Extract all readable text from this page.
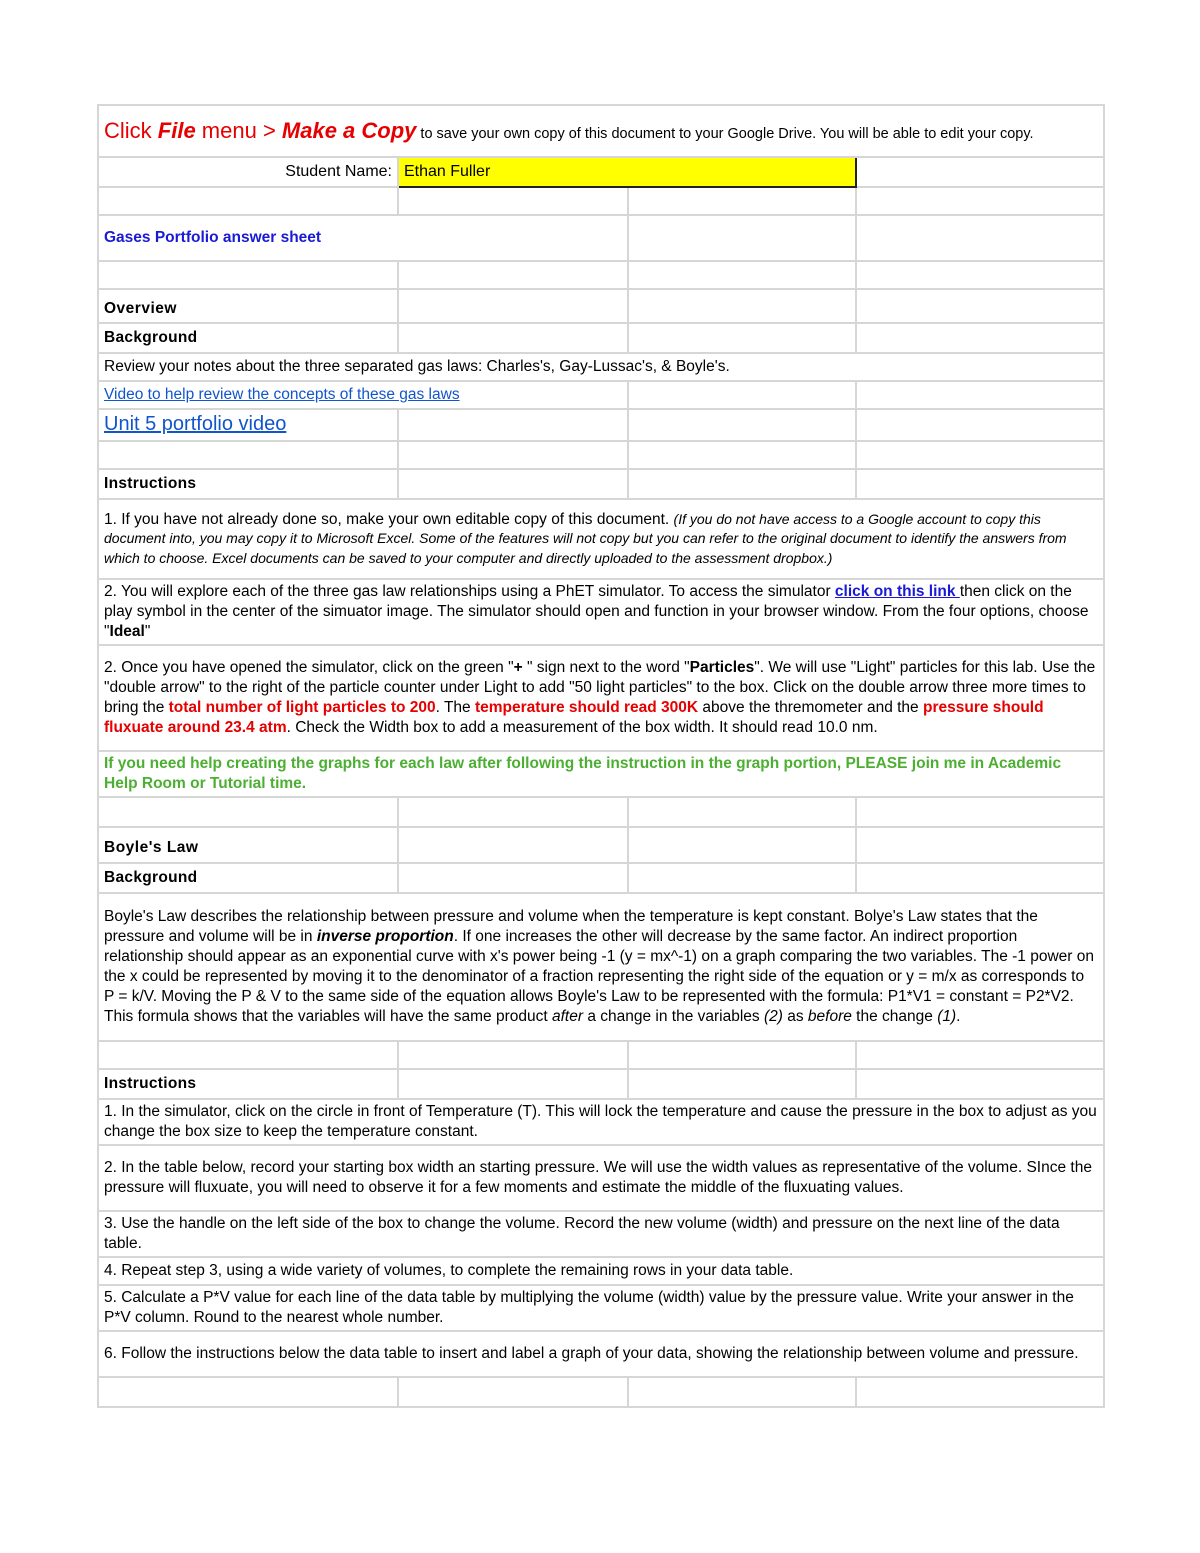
Click File menu > Make a Copy to save your own copy of this document to your Google Drive. You will be able to edit your copy.			
Student Name:	Ethan Fuller		

Gases Portfolio answer sheet			

Overview			
Background			
Review your notes about the three separated gas laws: Charles's, Gay-Lussac's, & Boyle's.			
Video to help review the concepts of these gas laws			
Unit 5 portfolio video			

Instructions			
1. If you have not already done so, make your own editable copy of this document. (If you do not have access to a Google account to copy this document into, you may copy it to Microsoft Excel. Some of the features will not copy but you can refer to the original document to identify the answers from which to choose. Excel documents can be saved to your computer and directly uploaded to the assessment dropbox.)			
2. You will explore each of the three gas law relationships using a PhET simulator. To access the simulator click on this link then click on the play symbol in the center of the simuator image. The simulator should open and function in your browser window. From the four options, choose "Ideal"			
2. Once you have opened the simulator, click on the green "+ " sign next to the word "Particles". We will use "Light" particles for this lab. Use the "double arrow" to the right of the particle counter under Light to add "50 light particles" to the box. Click on the double arrow three more times to bring the total number of light particles to 200. The temperature should read 300K above the thremometer and the pressure should fluxuate around 23.4 atm. Check the Width box to add a measurement of the box width. It should read 10.0 nm.			
If you need help creating the graphs for each law after following the instruction in the graph portion, PLEASE join me in Academic Help Room or Tutorial time.			

Boyle's Law			
Background			
Boyle's Law describes the relationship between pressure and volume when the temperature is kept constant. Bolye's Law states that the pressure and volume will be in inverse proportion. If one increases the other will decrease by the same factor. An indirect proportion relationship should appear as an exponential curve with x's power being -1 (y = mx^-1) on a graph comparing the two variables. The -1 power on the x could be represented by moving it to the denominator of a fraction representing the right side of the equation or y = m/x as corresponds to P = k/V. Moving the P & V to the same side of the equation allows Boyle's Law to be represented with the formula: P1*V1 = constant = P2*V2. This formula shows that the variables will have the same product after a change in the variables (2) as before the change (1).			

Instructions			
1. In the simulator, click on the circle in front of Temperature (T). This will lock the temperature and cause the pressure in the box to adjust as you change the box size to keep the temperature constant.			
2. In the table below, record your starting box width an starting pressure. We will use the width values as representative of the volume. SInce the pressure will fluxuate, you will need to observe it for a few moments and estimate the middle of the fluxuating values.			
3. Use the handle on the left side of the box to change the volume. Record the new volume (width) and pressure on the next line of the data table.			
4. Repeat step 3, using a wide variety of volumes, to complete the remaining rows in your data table.			
5. Calculate a P*V value for each line of the data table by multiplying the volume (width) value by the pressure value. Write your answer in the P*V column. Round to the nearest whole number.			
6. Follow the instructions below the data table to insert and label a graph of your data, showing the relationship between volume and pressure.			
